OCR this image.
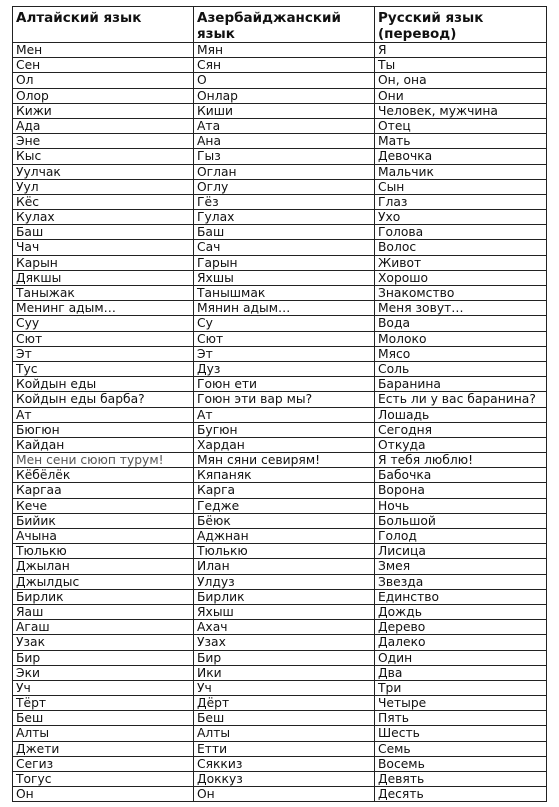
Алтайский язык	Азербайджанский язык	Русский язык (перевод)
Мен	Мян	Я
Сен	Сян	Ты
Ол	О	Он, она
Олор	Онлар	Они
Кижи	Киши	Человек, мужчина
Ада	Ата	Отец
Эне	Ана	Мать
Кыс	Гыз	Девочка
Уулчак	Оглан	Мальчик
Уул	Оглу	Сын
Кёс	Гёз	Глаз
Кулах	Гулах	Ухо
Баш	Баш	Голова
Чач	Сач	Волос
Карын	Гарын	Живот
Дякшы	Яхшы	Хорошо
Таныжак	Танышмак	Знакомство
Менинг адым…	Мянин адым…	Меня зовут…
Суу	Су	Вода
Сют	Сют	Молоко
Эт	Эт	Мясо
Тус	Дуз	Соль
Койдын еды	Гоюн ети	Баранина
Койдын еды барба?	Гоюн эти вар мы?	Есть ли у вас баранина?
Ат	Ат	Лошадь
Бюгюн	Бугюн	Сегодня
Кайдан	Хардан	Откуда
Мен сени сююп турум!	Мян сяни севирям!	Я тебя люблю!
Кёбёлёк	Кяпаняк	Бабочка
Каргаа	Карга	Ворона
Кече	Гедже	Ночь
Бийик	Бёюк	Большой
Ачына	Аджнан	Голод
Тюлькю	Тюлькю	Лисица
Джылан	Илан	Змея
Джылдыс	Улдуз	Звезда
Бирлик	Бирлик	Единство
Яаш	Яхыш	Дождь
Агаш	Ахач	Дерево
Узак	Узах	Далеко
Бир	Бир	Один
Эки	Ики	Два
Уч	Уч	Три
Тёрт	Дёрт	Четыре
Беш	Беш	Пять
Алты	Алты	Шесть
Джети	Етти	Семь
Сегиз	Сяккиз	Восемь
Тогус	Доккуз	Девять
Он	Он	Десять
